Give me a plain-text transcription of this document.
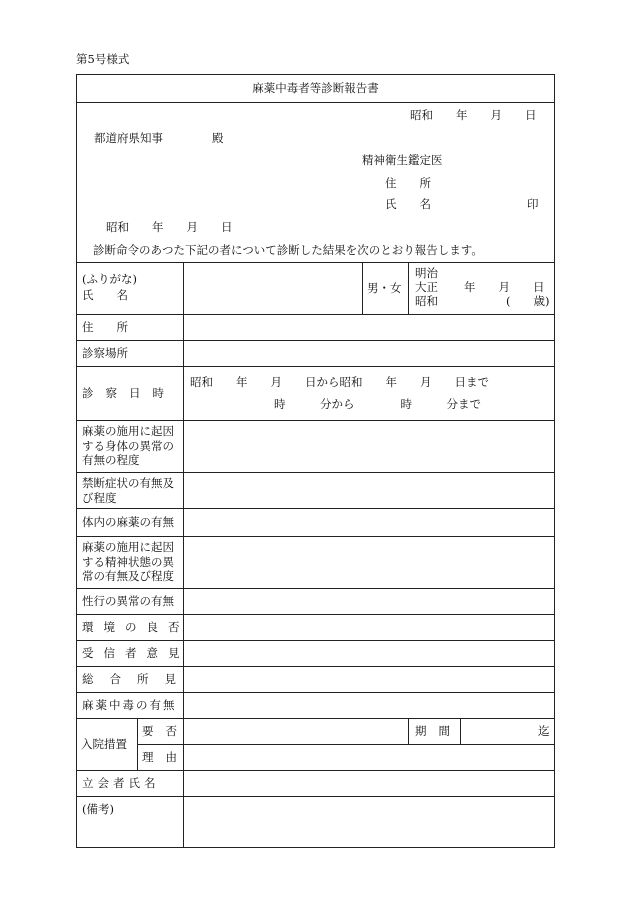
第5号様式
麻薬中毒者等診断報告書
昭和　　年　　月　　日
都道府県知事	殿
精神衛生鑑定医
住　　所
氏　　名	印
昭和　　年　　月　　日
診断命令のあつた下記の者について診断した結果を次のとおり報告します。
(ふりがな)
氏　　名	男・女
明治
大正 年　　月　　日
昭和	(　　歳)
住　　所
診察場所
診察日時
昭和　　年　　月　　日から昭和　　年　　月　　日まで
時　　　分から　　　　時　　　分まで
麻薬の施用に起因する身体の異常の有無の程度
禁断症状の有無及び程度
体内の麻薬の有無
麻薬の施用に起因する精神状態の異常の有無及び程度
性行の異常の有無
環境の良否
受信者意見
総合所見
麻薬中毒の有無
入院措置
要否	期間	迄
理由
立会者氏名
(備考)
